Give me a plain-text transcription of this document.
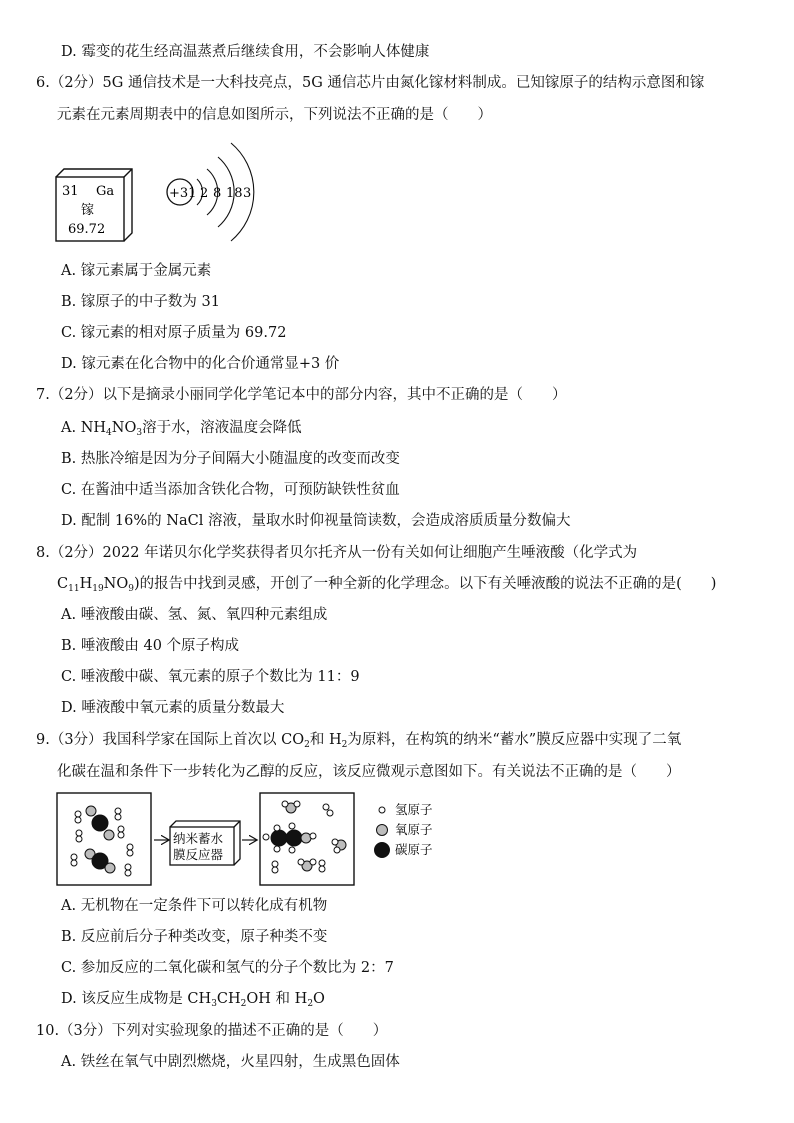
D. 霉变的花生经高温蒸煮后继续食用，不会影响人体健康
6.（2分）5G 通信技术是一大科技亮点，5G 通信芯片由氮化镓材料制成。已知镓原子的结构示意图和镓
元素在元素周期表中的信息如图所示，下列说法不正确的是（　　）
31 Ga
镓
69.72
+31 2 8 18 3
A. 镓元素属于金属元素
B. 镓原子的中子数为 31
C. 镓元素的相对原子质量为 69.72
D. 镓元素在化合物中的化合价通常显+3 价
7.（2分）以下是摘录小丽同学化学笔记本中的部分内容，其中不正确的是（　　）
A. $NH_4NO_3$溶于水，溶液温度会降低
B. 热胀冷缩是因为分子间隔大小随温度的改变而改变
C. 在酱油中适当添加含铁化合物，可预防缺铁性贫血
D. 配制 16%的 NaCl 溶液，量取水时仰视量筒读数，会造成溶质质量分数偏大
8.（2分）2022 年诺贝尔化学奖获得者贝尔托齐从一份有关如何让细胞产生唾液酸（化学式为
$C_{11}H_{19}NO_9$)的报告中找到灵感，开创了一种全新的化学理念。以下有关唾液酸的说法不正确的是(　　)
A. 唾液酸由碳、氢、氮、氧四种元素组成
B. 唾液酸由 40 个原子构成
C. 唾液酸中碳、氧元素的原子个数比为 11：9
D. 唾液酸中氧元素的质量分数最大
9.（3分）我国科学家在国际上首次以 $CO_2$和 $H_2$为原料，在构筑的纳米“蓄水”膜反应器中实现了二氧
化碳在温和条件下一步转化为乙醇的反应，该反应微观示意图如下。有关说法不正确的是（　　）
纳米蓄水
膜反应器
氢原子
氧原子
碳原子
A. 无机物在一定条件下可以转化成有机物
B. 反应前后分子种类改变，原子种类不变
C. 参加反应的二氧化碳和氢气的分子个数比为 2：7
D. 该反应生成物是 $CH_3CH_2OH$ 和 $H_2O$
10.（3分）下列对实验现象的描述不正确的是（　　）
A. 铁丝在氧气中剧烈燃烧，火星四射，生成黑色固体
